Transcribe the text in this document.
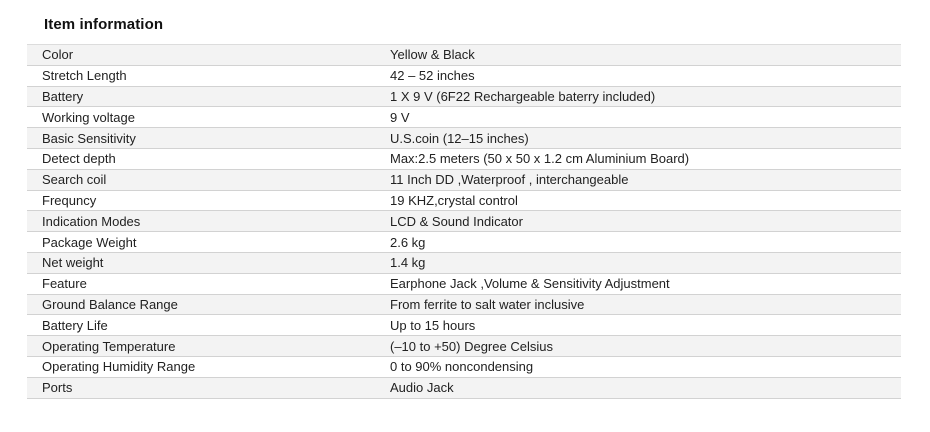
Item information
Color	Yellow & Black
Stretch Length	42 – 52 inches
Battery	1 X 9 V (6F22 Rechargeable baterry included)
Working voltage	9 V
Basic Sensitivity	U.S.coin (12–15 inches)
Detect depth	Max:2.5 meters (50 x 50 x 1.2 cm Aluminium Board)
Search coil	11 Inch DD ,Waterproof , interchangeable
Frequncy	19 KHZ,crystal control
Indication Modes	LCD & Sound Indicator
Package Weight	2.6 kg
Net weight	1.4 kg
Feature	Earphone Jack ,Volume & Sensitivity Adjustment
Ground Balance Range	From ferrite to salt water inclusive
Battery Life	Up to 15 hours
Operating Temperature	(–10 to +50) Degree Celsius
Operating Humidity Range	0 to 90% noncondensing
Ports	Audio Jack
